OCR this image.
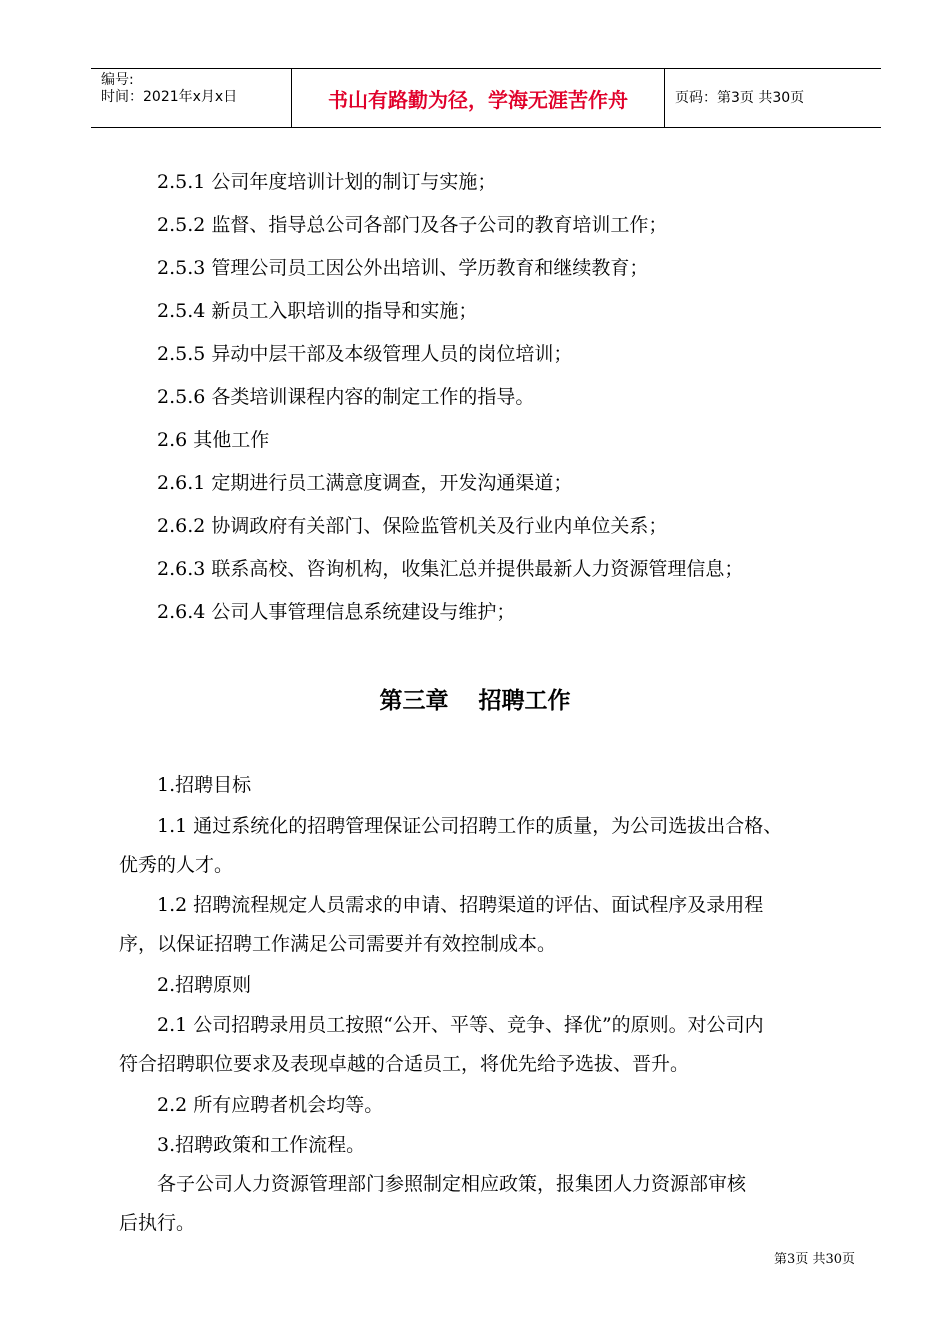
编号:
时间：2021年x月x日	书山有路勤为径，学海无涯苦作舟	页码：第3页 共30页
2.5.1 公司年度培训计划的制订与实施；
2.5.2 监督、指导总公司各部门及各子公司的教育培训工作；
2.5.3 管理公司员工因公外出培训、学历教育和继续教育；
2.5.4 新员工入职培训的指导和实施；
2.5.5 异动中层干部及本级管理人员的岗位培训；
2.5.6 各类培训课程内容的制定工作的指导。
2.6 其他工作
2.6.1 定期进行员工满意度调查，开发沟通渠道；
2.6.2 协调政府有关部门、保险监管机关及行业内单位关系；
2.6.3 联系高校、咨询机构，收集汇总并提供最新人力资源管理信息；
2.6.4 公司人事管理信息系统建设与维护；
第三章 招聘工作
1.招聘目标
1.1 通过系统化的招聘管理保证公司招聘工作的质量，为公司选拔出合格、
优秀的人才。
1.2 招聘流程规定人员需求的申请、招聘渠道的评估、面试程序及录用程
序，以保证招聘工作满足公司需要并有效控制成本。
2.招聘原则
2.1 公司招聘录用员工按照“公开、平等、竞争、择优”的原则。对公司内
符合招聘职位要求及表现卓越的合适员工，将优先给予选拔、晋升。
2.2 所有应聘者机会均等。
3.招聘政策和工作流程。
各子公司人力资源管理部门参照制定相应政策，报集团人力资源部审核
后执行。
第3页 共30页
